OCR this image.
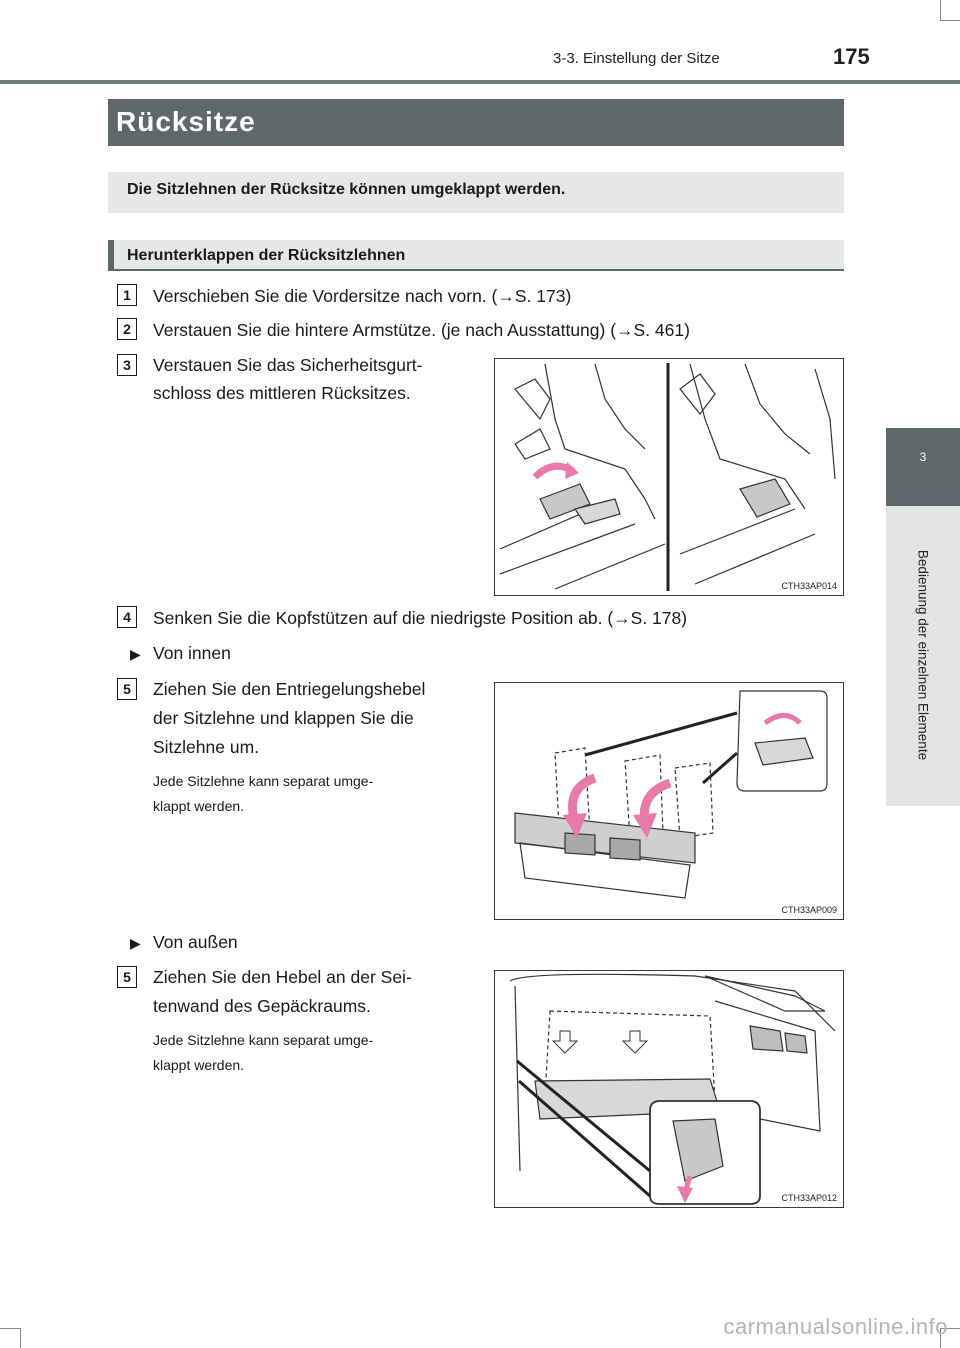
3-3. Einstellung der Sitze	175
Rücksitze
Die Sitzlehnen der Rücksitze können umgeklappt werden.
Herunterklappen der Rücksitzlehnen
1	Verschieben Sie die Vordersitze nach vorn. (→S. 173)
2	Verstauen Sie die hintere Armstütze. (je nach Ausstattung) (→S. 461)
3	Verstauen Sie das Sicherheitsgurt-
schloss des mittleren Rücksitzes.
CTH33AP014
4	Senken Sie die Kopfstützen auf die niedrigste Position ab. (→S. 178)
▶ Von innen
5	Ziehen Sie den Entriegelungshebel
der Sitzlehne und klappen Sie die
Sitzlehne um.
Jede Sitzlehne kann separat umge-
klappt werden.
CTH33AP009
▶ Von außen
5	Ziehen Sie den Hebel an der Sei-
tenwand des Gepäckraums.
Jede Sitzlehne kann separat umge-
klappt werden.
CTH33AP012
3
Bedienung der einzelnen Elemente
carmanualsonline.info
